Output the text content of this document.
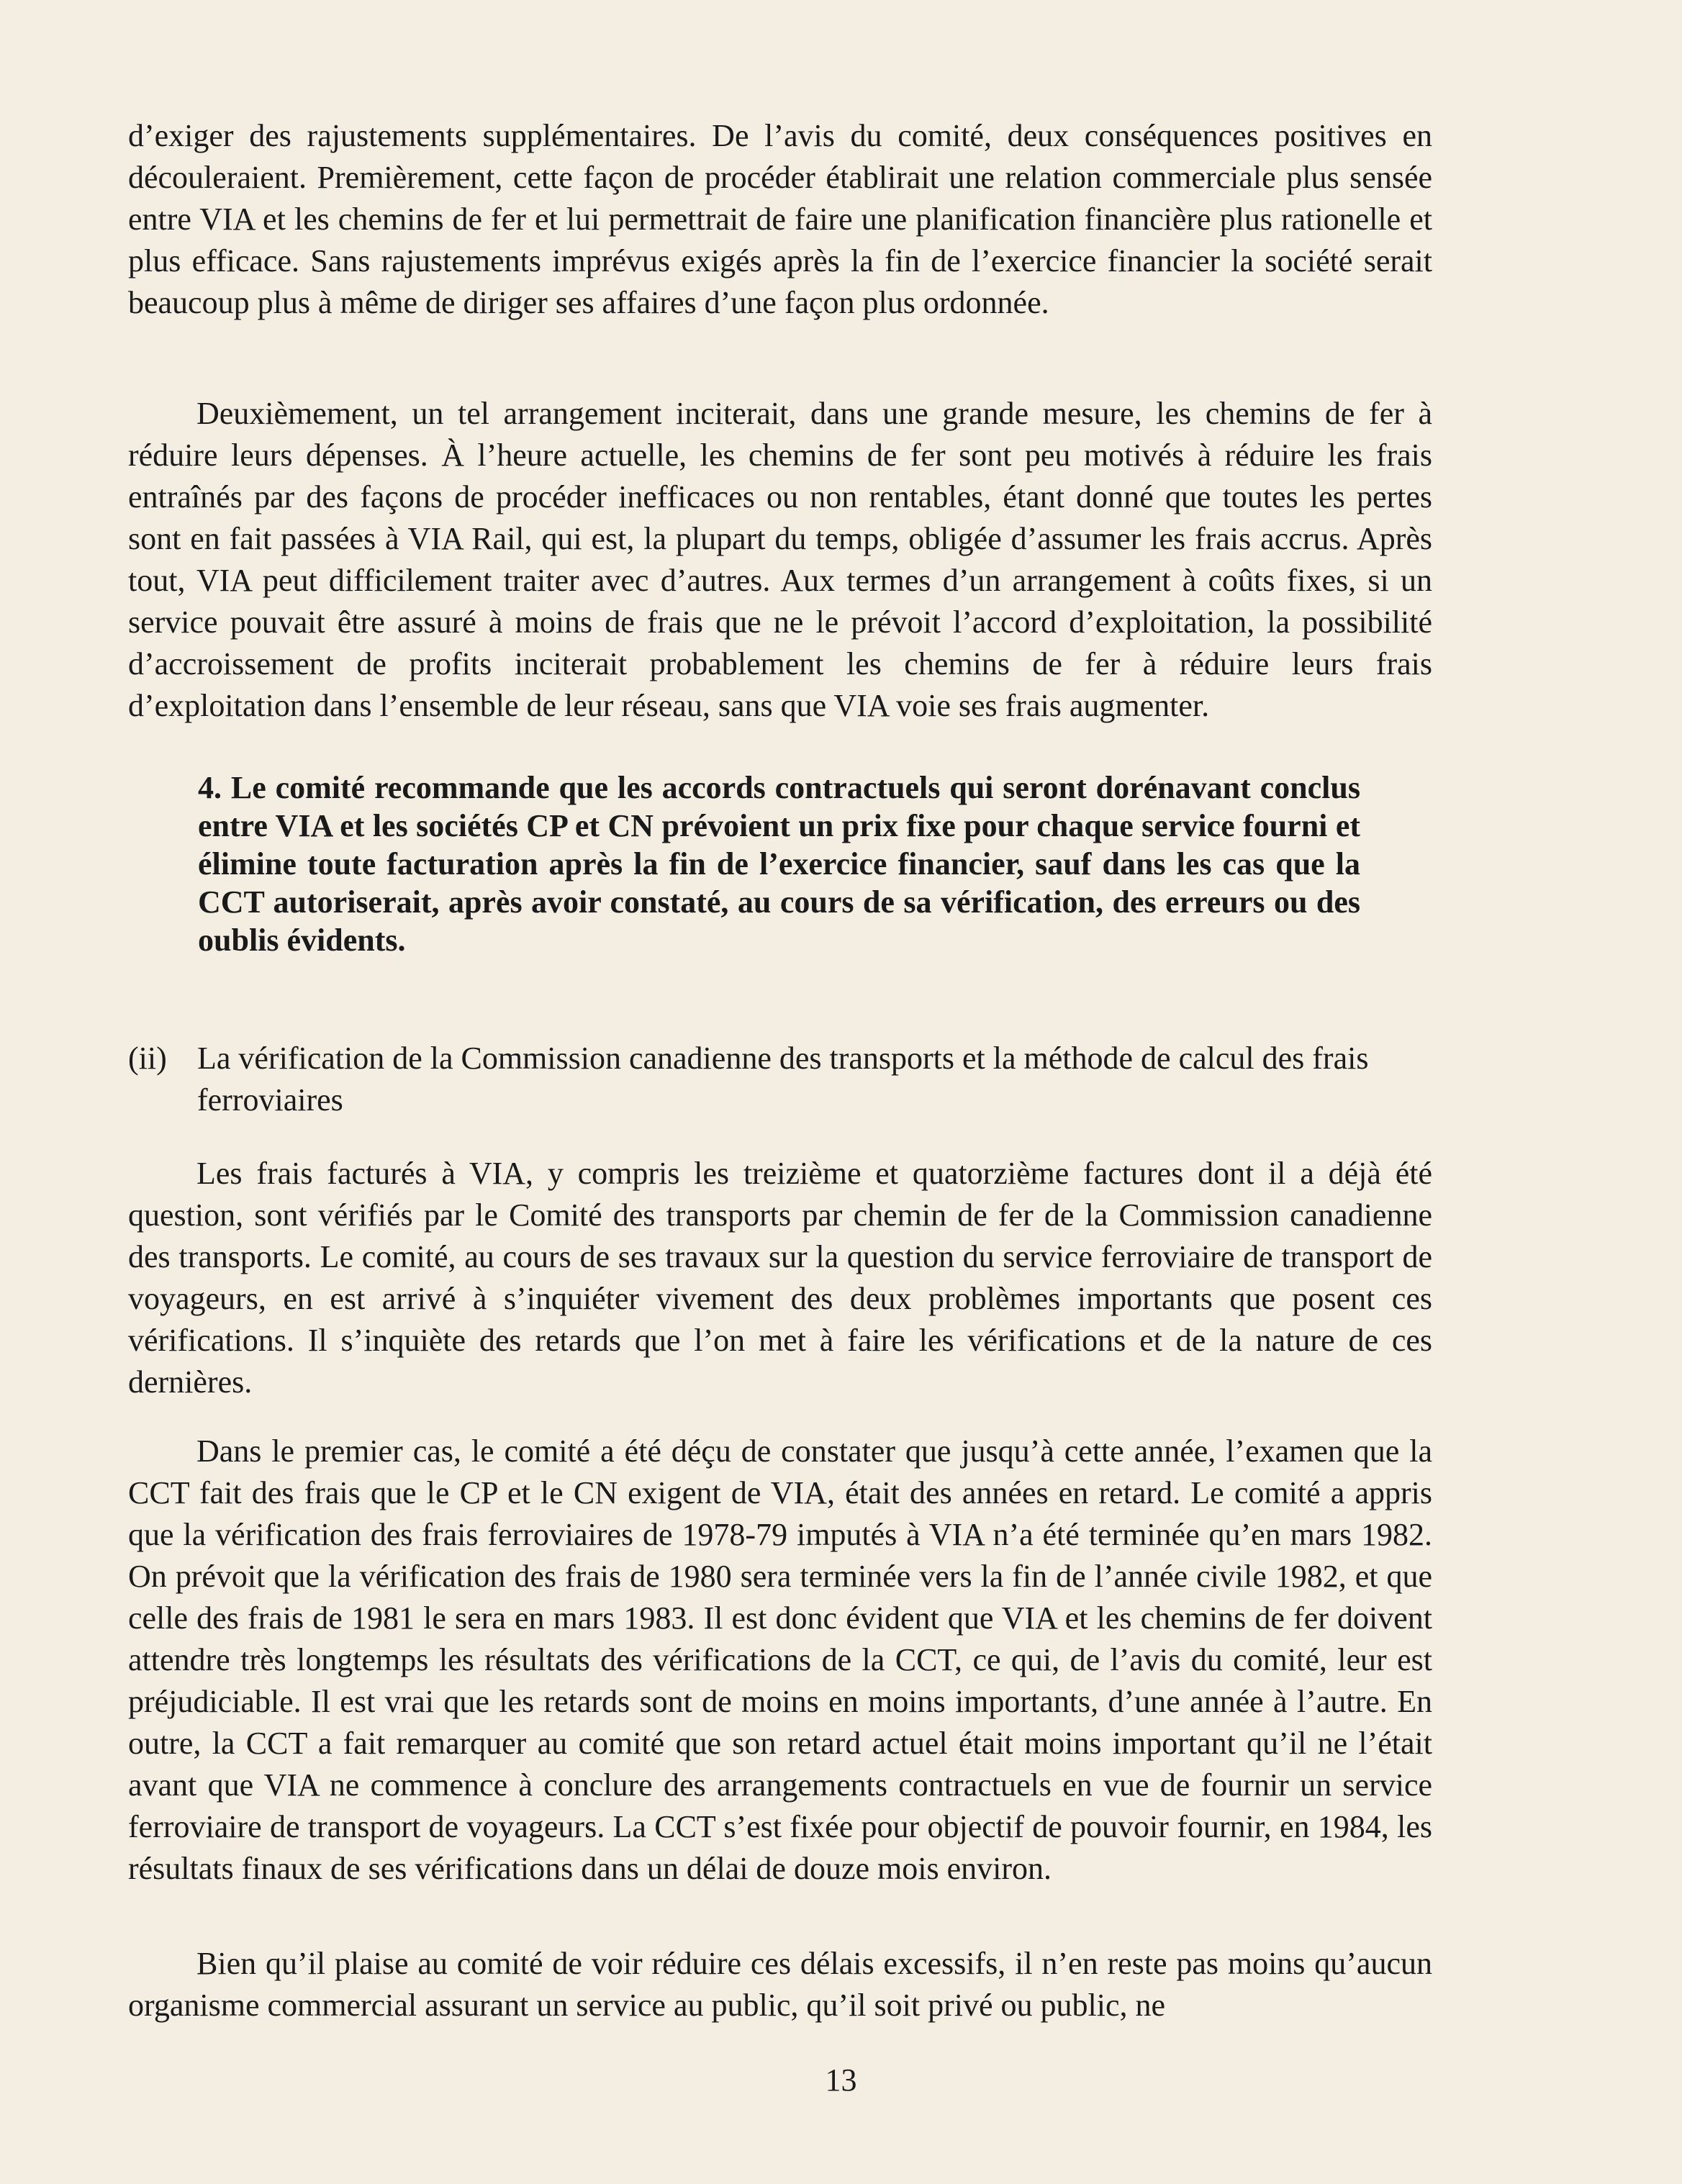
d’exiger des rajustements supplémentaires. De l’avis du comité, deux conséquences positives en découleraient. Premièrement, cette façon de procéder établirait une relation commerciale plus sensée entre VIA et les chemins de fer et lui permettrait de faire une planification financière plus rationelle et plus efficace. Sans rajustements imprévus exigés après la fin de l’exercice financier la société serait beaucoup plus à même de diriger ses affaires d’une façon plus ordonnée.

Deuxièmement, un tel arrangement inciterait, dans une grande mesure, les chemins de fer à réduire leurs dépenses. À l’heure actuelle, les chemins de fer sont peu motivés à réduire les frais entraînés par des façons de procéder inefficaces ou non rentables, étant donné que toutes les pertes sont en fait passées à VIA Rail, qui est, la plupart du temps, obligée d’assumer les frais accrus. Après tout, VIA peut difficilement traiter avec d’autres. Aux termes d’un arrangement à coûts fixes, si un service pouvait être assuré à moins de frais que ne le prévoit l’accord d’exploitation, la possibilité d’accroissement de profits inciterait probablement les chemins de fer à réduire leurs frais d’exploitation dans l’ensemble de leur réseau, sans que VIA voie ses frais augmenter.

4. Le comité recommande que les accords contractuels qui seront dorénavant conclus entre VIA et les sociétés CP et CN prévoient un prix fixe pour chaque service fourni et élimine toute facturation après la fin de l’exercice financier, sauf dans les cas que la CCT autoriserait, après avoir constaté, au cours de sa vérification, des erreurs ou des oublis évidents.

(ii) La vérification de la Commission canadienne des transports et la méthode de calcul des frais ferroviaires

Les frais facturés à VIA, y compris les treizième et quatorzième factures dont il a déjà été question, sont vérifiés par le Comité des transports par chemin de fer de la Commission canadienne des transports. Le comité, au cours de ses travaux sur la question du service ferroviaire de transport de voyageurs, en est arrivé à s’inquiéter vivement des deux problèmes importants que posent ces vérifications. Il s’inquiète des retards que l’on met à faire les vérifications et de la nature de ces dernières.

Dans le premier cas, le comité a été déçu de constater que jusqu’à cette année, l’examen que la CCT fait des frais que le CP et le CN exigent de VIA, était des années en retard. Le comité a appris que la vérification des frais ferroviaires de 1978-79 imputés à VIA n’a été terminée qu’en mars 1982. On prévoit que la vérification des frais de 1980 sera terminée vers la fin de l’année civile 1982, et que celle des frais de 1981 le sera en mars 1983. Il est donc évident que VIA et les chemins de fer doivent attendre très longtemps les résultats des vérifications de la CCT, ce qui, de l’avis du comité, leur est préjudiciable. Il est vrai que les retards sont de moins en moins importants, d’une année à l’autre. En outre, la CCT a fait remarquer au comité que son retard actuel était moins important qu’il ne l’était avant que VIA ne commence à conclure des arrangements contractuels en vue de fournir un service ferroviaire de transport de voyageurs. La CCT s’est fixée pour objectif de pouvoir fournir, en 1984, les résultats finaux de ses vérifications dans un délai de douze mois environ.

Bien qu’il plaise au comité de voir réduire ces délais excessifs, il n’en reste pas moins qu’aucun organisme commercial assurant un service au public, qu’il soit privé ou public, ne

13
